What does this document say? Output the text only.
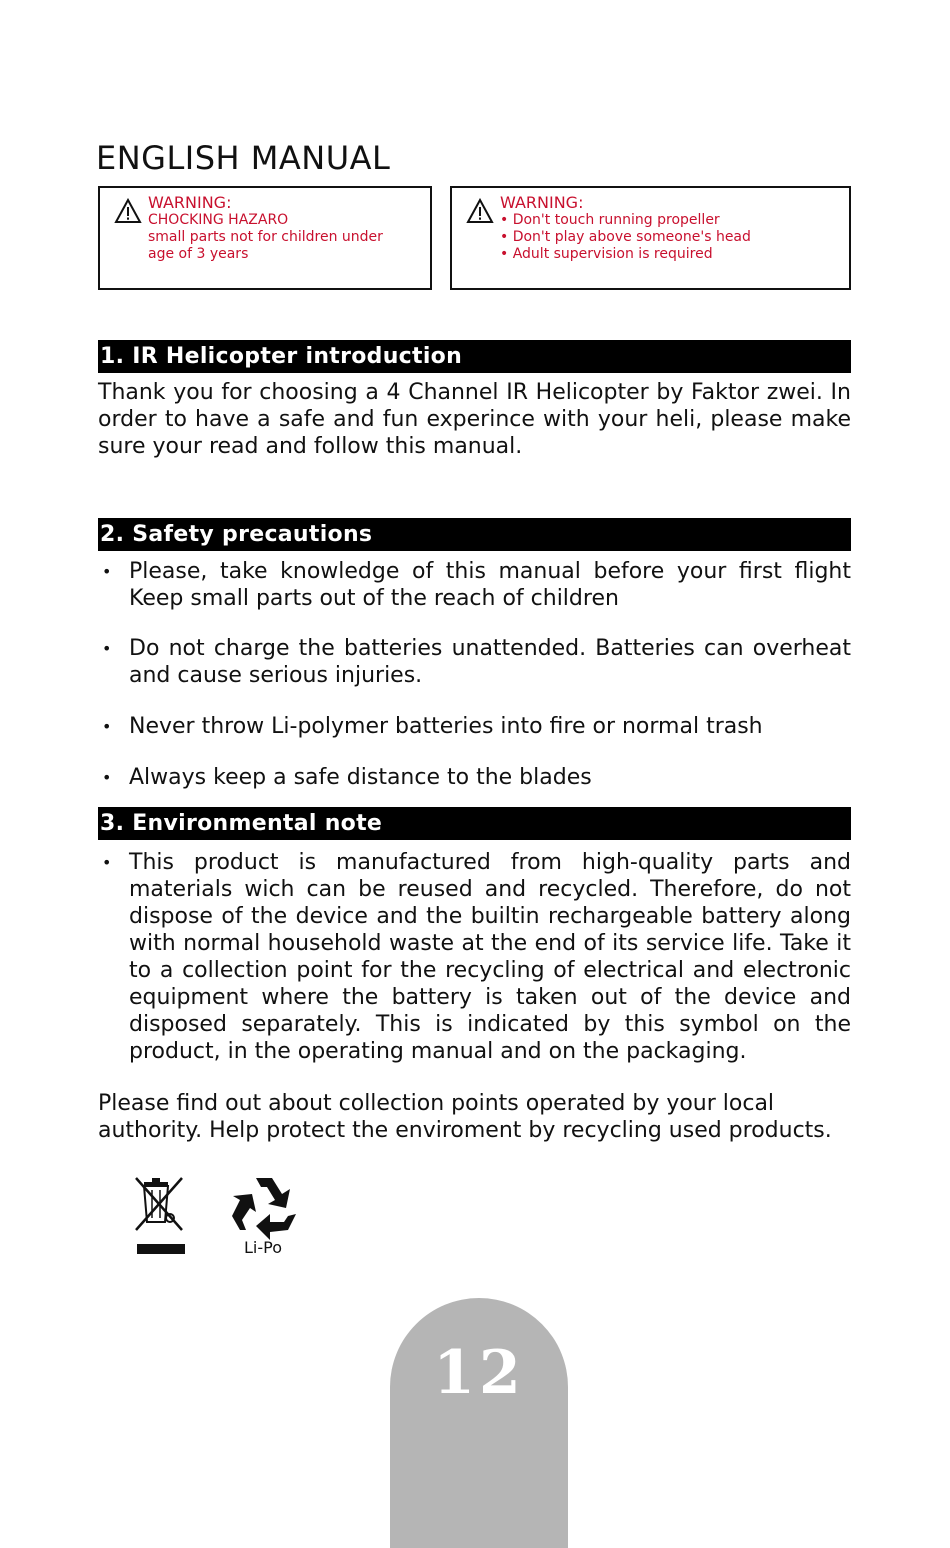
ENGLISH MANUAL
WARNING:
CHOCKING HAZARO
small parts not for children under
age of 3 years
WARNING:
• Don't touch running propeller
• Don't play above someone's head
• Adult supervision is required
1. IR Helicopter introduction

Thank you for choosing a 4 Channel IR Helicopter by Faktor zwei. In order to have a safe and fun experince with your heli, please make sure your read and follow this manual.

2. Safety precautions
• Please, take knowledge of this manual before your first flight Keep small parts out of the reach of children
• Do not charge the batteries unattended. Batteries can overheat and cause serious injuries.
• Never throw Li-polymer batteries into fire or normal trash
• Always keep a safe distance to the blades
3. Environmental note
• This product is manufactured from high-quality parts and materials wich can be reused and recycled. Therefore, do not dispose of the device and the builtin rechargeable battery along with normal household waste at the end of its service life. Take it to a collection point for the recycling of electrical and electronic equipment where the battery is taken out of the device and disposed separately. This is indicated by this symbol on the product, in the operating manual and on the packaging.

Please find out about collection points operated by your local authority. Help protect the enviroment by recycling used products.

Li-Po
12
